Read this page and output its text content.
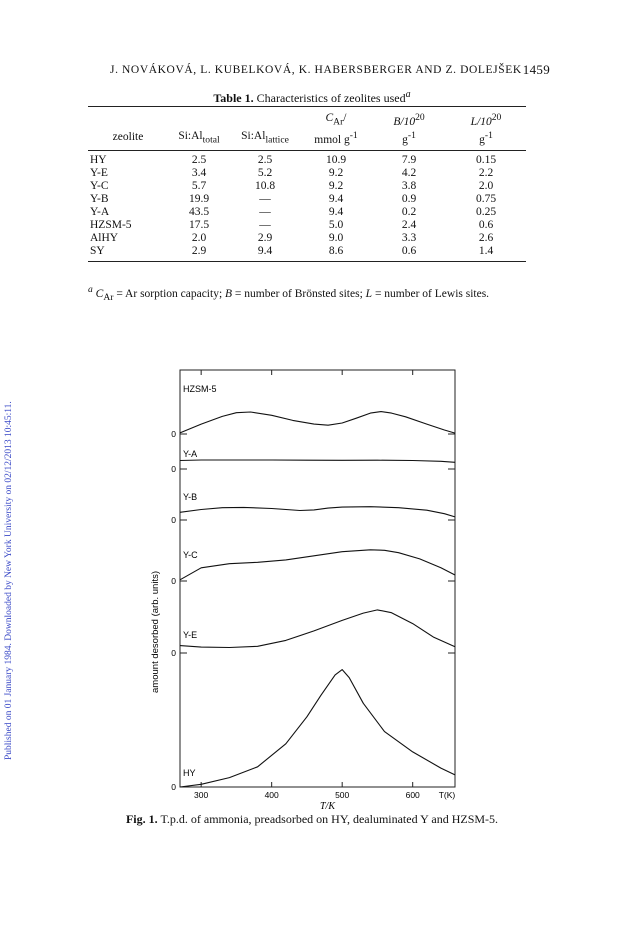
Published on 01 January 1984. Downloaded by New York University on 02/12/2013 10:45:11.
J. NOVÁKOVÁ, L. KUBELKOVÁ, K. HABERSBERGER AND Z. DOLEJŠEK 1459
Table 1. Characteristics of zeolites used$^a$
			$C_{Ar}/$	$B/10^{20}$	$L/10^{20}$
zeolite	$Si:Al_{total}$	$Si:Al_{lattice}$	mmol $g^{-1}$	$g^{-1}$	$g^{-1}$
HY	2.5	2.5	10.9	7.9	0.15
Y-E	3.4	5.2	9.2	4.2	2.2
Y-C	5.7	10.8	9.2	3.8	2.0
Y-B	19.9	—	9.4	0.9	0.75
Y-A	43.5	—	9.4	0.2	0.25
HZSM-5	17.5	—	5.0	2.4	0.6
AlHY	2.0	2.9	9.0	3.3	2.6
SY	2.9	9.4	8.6	0.6	1.4
$^a$ $C_{Ar} = Ar$ sorption capacity; B = number of Brönsted sites; L = number of Lewis sites.
300	400	500	600 T(K)
T/K
amount desorbed (arb. units)
0
HZSM-5
0
Y-A
0
Y-B
0
Y-C
0
Y-E
0
HY
Fig. 1. T.p.d. of ammonia, preadsorbed on HY, dealuminated Y and HZSM-5.
